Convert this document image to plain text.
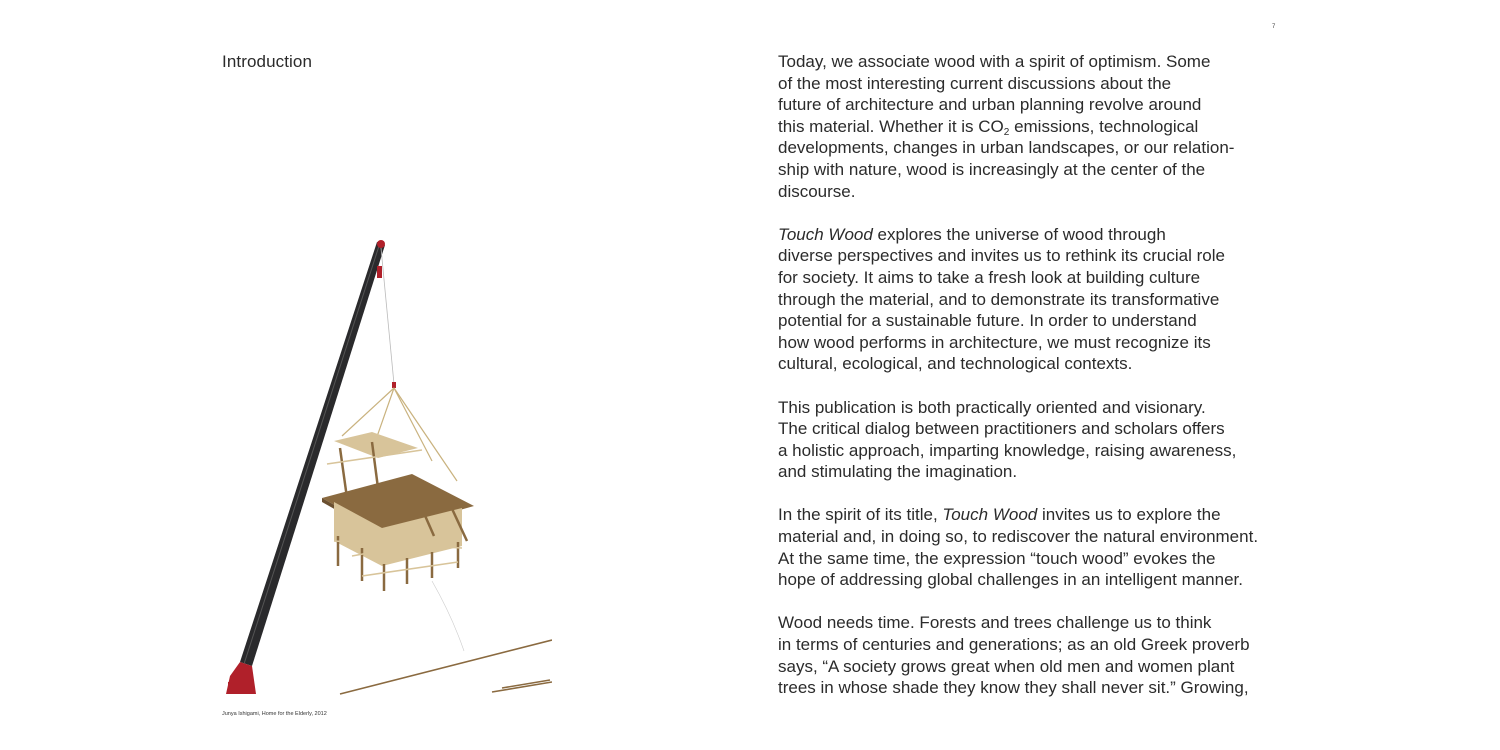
7
Introduction
Junya Ishigami, Home for the Elderly, 2012

Today, we associate wood with a spirit of optimism. Some
of the most interesting current discussions about the
future of architecture and urban planning revolve around
this material. Whether it is $CO_2$ emissions, technological
developments, changes in urban landscapes, or our relation-
ship with nature, wood is increasingly at the center of the
discourse.

Touch Wood explores the universe of wood through
diverse perspectives and invites us to rethink its crucial role
for society. It aims to take a fresh look at building culture
through the material, and to demonstrate its transformative
potential for a sustainable future. In order to understand
how wood performs in architecture, we must recognize its
cultural, ecological, and technological contexts.

This publication is both practically oriented and visionary.
The critical dialog between practitioners and scholars offers
a holistic approach, imparting knowledge, raising awareness,
and stimulating the imagination.

In the spirit of its title, Touch Wood invites us to explore the
material and, in doing so, to rediscover the natural environment.
At the same time, the expression “touch wood” evokes the
hope of addressing global challenges in an intelligent manner.

Wood needs time. Forests and trees challenge us to think
in terms of centuries and generations; as an old Greek proverb
says, “A society grows great when old men and women plant
trees in whose shade they know they shall never sit.” Growing,
